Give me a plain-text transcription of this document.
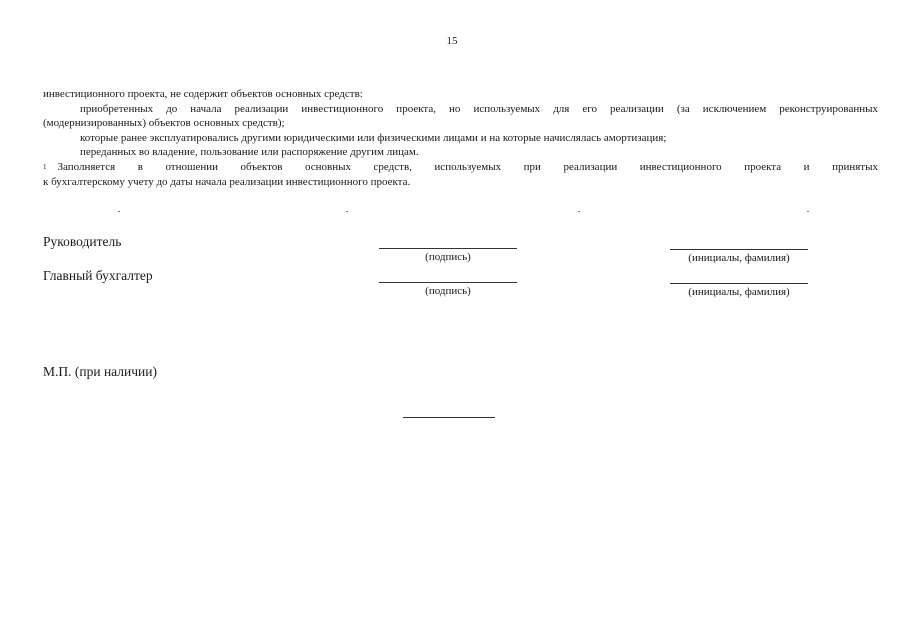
15
инвестиционного проекта, не содержит объектов основных средств:
приобретенных до начала реализации инвестиционного проекта, но используемых для его реализации (за исключением реконструированных
(модернизированных) объектов основных средств);
которые ранее эксплуатировались другими юридическими или физическими лицами и на которые начислялась амортизация;
переданных во владение, пользование или распоряжение другим лицам.
1 Заполняется в отношении объектов основных средств, используемых при реализации инвестиционного проекта и принятых
к бухгалтерскому учету до даты начала реализации инвестиционного проекта.
Руководитель
(подпись)	(инициалы, фамилия)
Главный бухгалтер
(подпись)	(инициалы, фамилия)
М.П. (при наличии)
